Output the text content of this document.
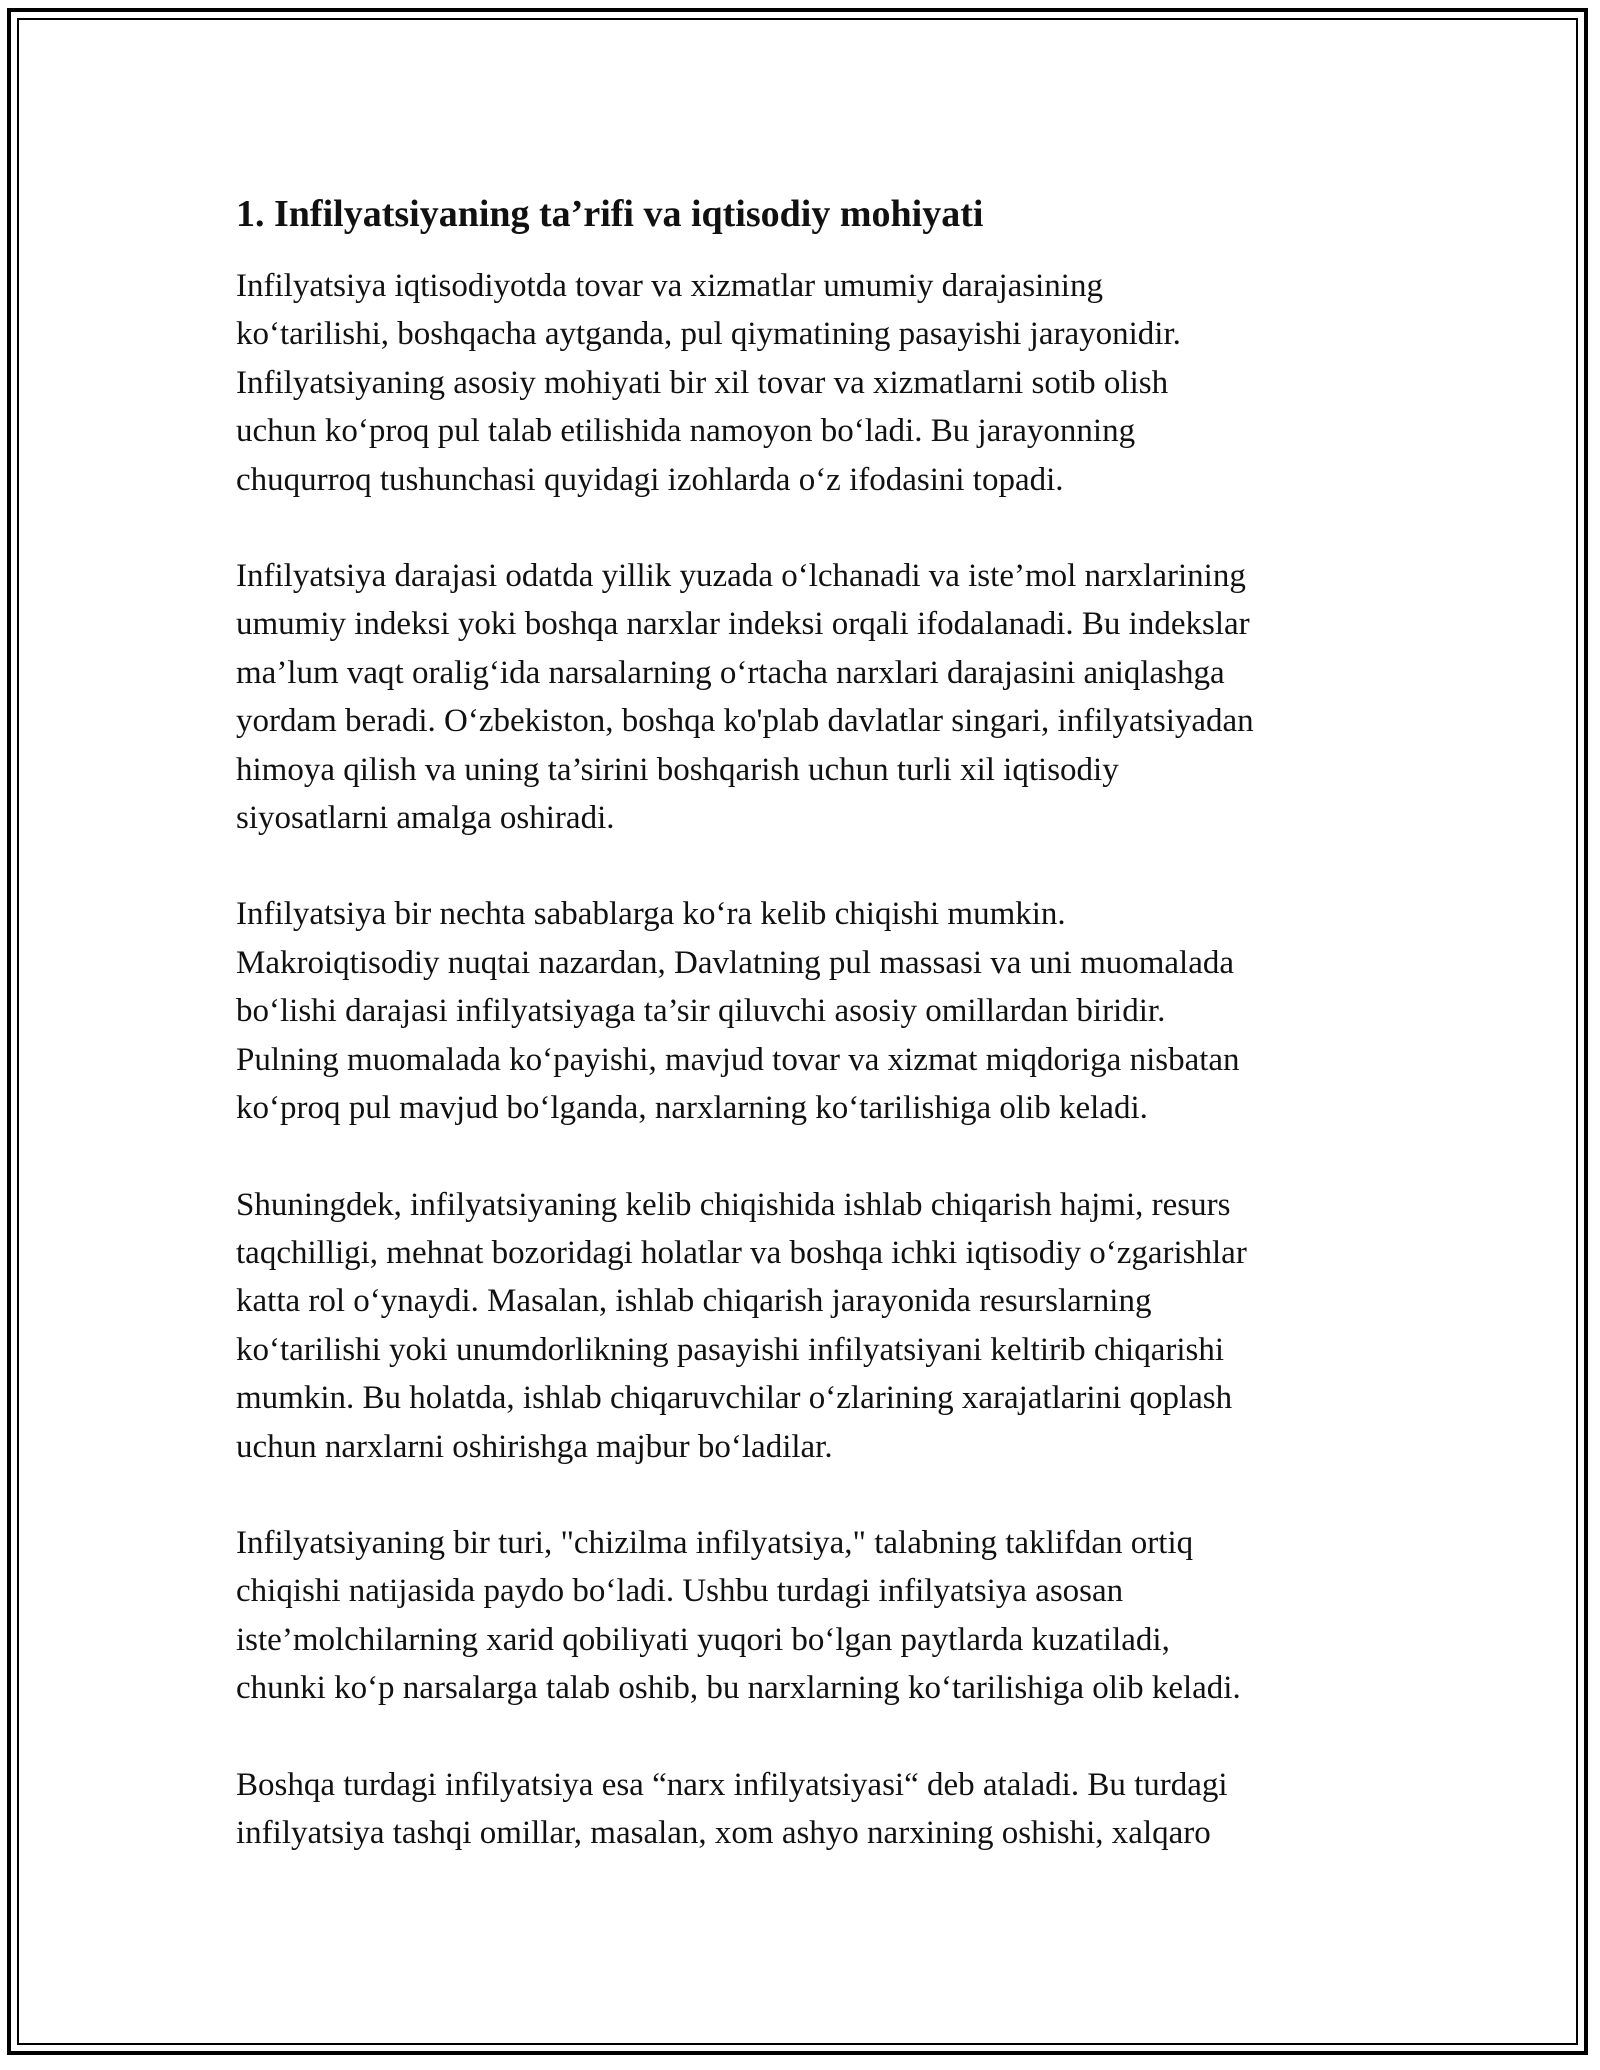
1. Infilyatsiyaning ta’rifi va iqtisodiy mohiyati
Infilyatsiya iqtisodiyotda tovar va xizmatlar umumiy darajasining
ko‘tarilishi, boshqacha aytganda, pul qiymatining pasayishi jarayonidir.
Infilyatsiyaning asosiy mohiyati bir xil tovar va xizmatlarni sotib olish
uchun ko‘proq pul talab etilishida namoyon bo‘ladi. Bu jarayonning
chuqurroq tushunchasi quyidagi izohlarda o‘z ifodasini topadi.
Infilyatsiya darajasi odatda yillik yuzada o‘lchanadi va iste’mol narxlarining
umumiy indeksi yoki boshqa narxlar indeksi orqali ifodalanadi. Bu indekslar
ma’lum vaqt oralig‘ida narsalarning o‘rtacha narxlari darajasini aniqlashga
yordam beradi. O‘zbekiston, boshqa ko'plab davlatlar singari, infilyatsiyadan
himoya qilish va uning ta’sirini boshqarish uchun turli xil iqtisodiy
siyosatlarni amalga oshiradi.
Infilyatsiya bir nechta sabablarga ko‘ra kelib chiqishi mumkin.
Makroiqtisodiy nuqtai nazardan, Davlatning pul massasi va uni muomalada
bo‘lishi darajasi infilyatsiyaga ta’sir qiluvchi asosiy omillardan biridir.
Pulning muomalada ko‘payishi, mavjud tovar va xizmat miqdoriga nisbatan
ko‘proq pul mavjud bo‘lganda, narxlarning ko‘tarilishiga olib keladi.
Shuningdek, infilyatsiyaning kelib chiqishida ishlab chiqarish hajmi, resurs
taqchilligi, mehnat bozoridagi holatlar va boshqa ichki iqtisodiy o‘zgarishlar
katta rol o‘ynaydi. Masalan, ishlab chiqarish jarayonida resurslarning
ko‘tarilishi yoki unumdorlikning pasayishi infilyatsiyani keltirib chiqarishi
mumkin. Bu holatda, ishlab chiqaruvchilar o‘zlarining xarajatlarini qoplash
uchun narxlarni oshirishga majbur bo‘ladilar.
Infilyatsiyaning bir turi, "chizilma infilyatsiya," talabning taklifdan ortiq
chiqishi natijasida paydo bo‘ladi. Ushbu turdagi infilyatsiya asosan
iste’molchilarning xarid qobiliyati yuqori bo‘lgan paytlarda kuzatiladi,
chunki ko‘p narsalarga talab oshib, bu narxlarning ko‘tarilishiga olib keladi.
Boshqa turdagi infilyatsiya esa “narx infilyatsiyasi“ deb ataladi. Bu turdagi
infilyatsiya tashqi omillar, masalan, xom ashyo narxining oshishi, xalqaro
